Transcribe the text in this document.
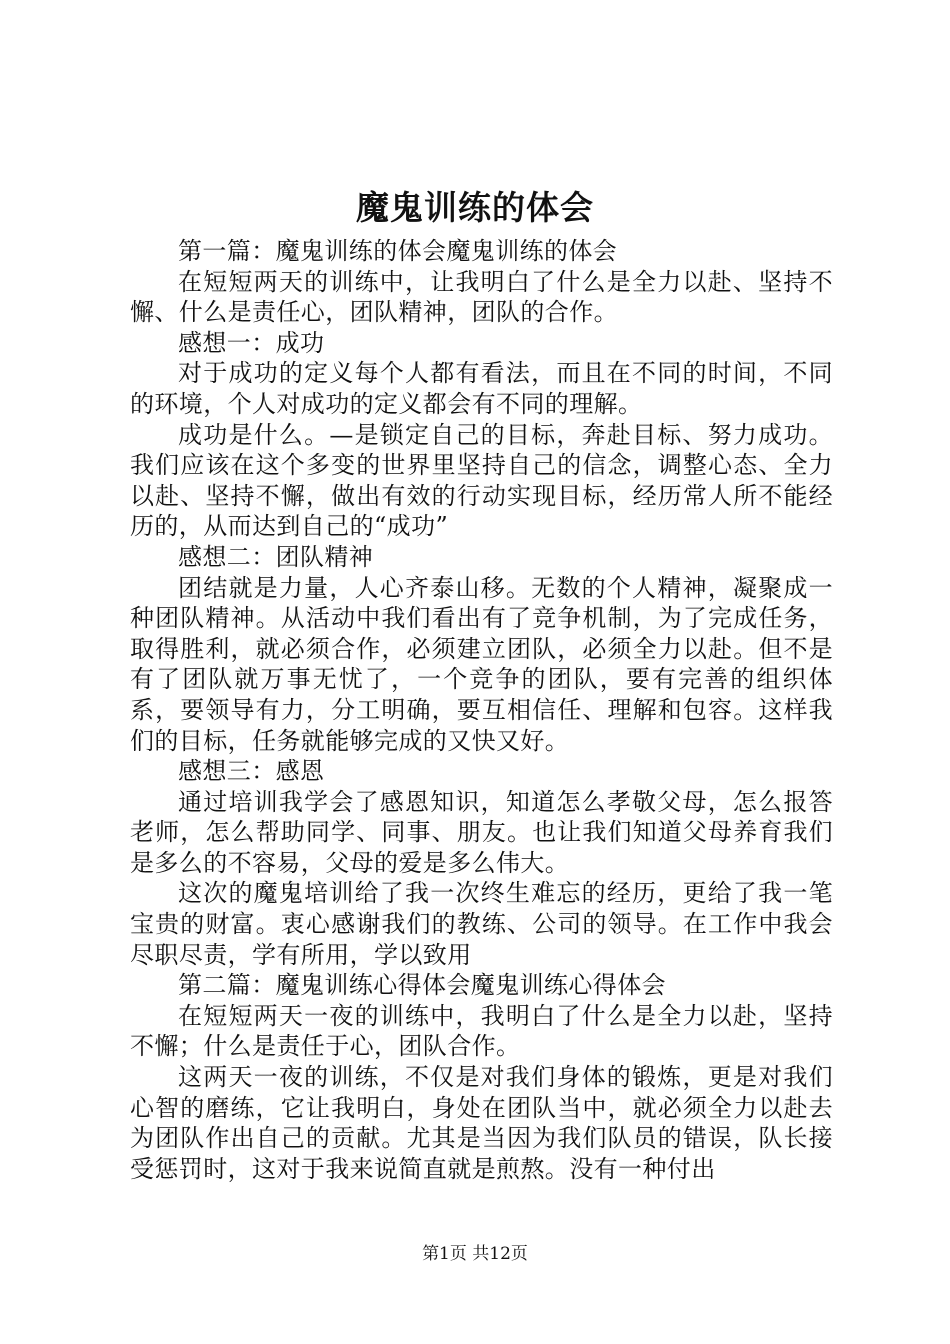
魔鬼训练的体会

第一篇：魔鬼训练的体会魔鬼训练的体会

在短短两天的训练中，让我明白了什么是全力以赴、坚持不懈、什么是责任心，团队精神，团队的合作。

感想一：成功

对于成功的定义每个人都有看法，而且在不同的时间，不同的环境，个人对成功的定义都会有不同的理解。

成功是什么。—是锁定自己的目标，奔赴目标、努力成功。我们应该在这个多变的世界里坚持自己的信念，调整心态、全力以赴、坚持不懈，做出有效的行动实现目标，经历常人所不能经历的，从而达到自己的“成功”

感想二：团队精神

团结就是力量，人心齐泰山移。无数的个人精神，凝聚成一种团队精神。从活动中我们看出有了竞争机制，为了完成任务，取得胜利，就必须合作，必须建立团队，必须全力以赴。但不是有了团队就万事无忧了，一个竞争的团队，要有完善的组织体系，要领导有力，分工明确，要互相信任、理解和包容。这样我们的目标，任务就能够完成的又快又好。

感想三：感恩

通过培训我学会了感恩知识，知道怎么孝敬父母，怎么报答老师，怎么帮助同学、同事、朋友。也让我们知道父母养育我们是多么的不容易，父母的爱是多么伟大。

这次的魔鬼培训给了我一次终生难忘的经历，更给了我一笔宝贵的财富。衷心感谢我们的教练、公司的领导。在工作中我会尽职尽责，学有所用，学以致用

第二篇：魔鬼训练心得体会魔鬼训练心得体会

在短短两天一夜的训练中，我明白了什么是全力以赴，坚持不懈；什么是责任于心，团队合作。

这两天一夜的训练，不仅是对我们身体的锻炼，更是对我们心智的磨练，它让我明白，身处在团队当中，就必须全力以赴去为团队作出自己的贡献。尤其是当因为我们队员的错误，队长接受惩罚时，这对于我来说简直就是煎熬。没有一种付出

第1页 共12页
